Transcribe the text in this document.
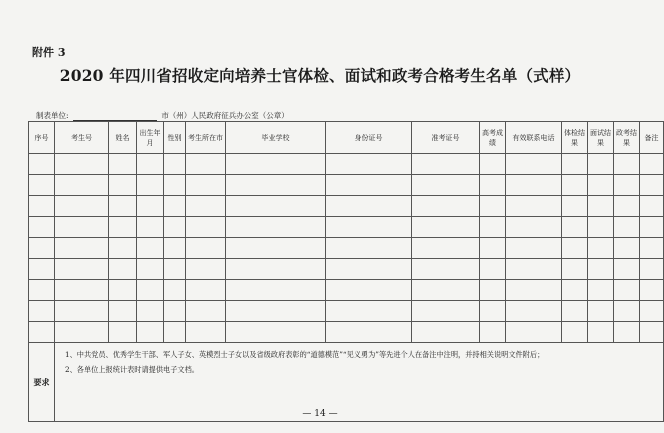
附件 3
2020 年四川省招收定向培养士官体检、面试和政考合格考生名单（式样）
制表单位:	市（州）人民政府征兵办公室（公章）
序号	考生号	姓名	出生年月	性别	考生所在市	毕业学校	身份证号	准考证号	高考成绩	有效联系电话	体检结果	面试结果	政考结果	备注

要求	1、中共党员、优秀学生干部、军人子女、英模烈士子女以及省级政府表彰的“道德模范”“见义勇为”等先进个人在备注中注明，并持相关说明文件附后；
2、各单位上报统计表时请提供电子文档。													
— 14 —
